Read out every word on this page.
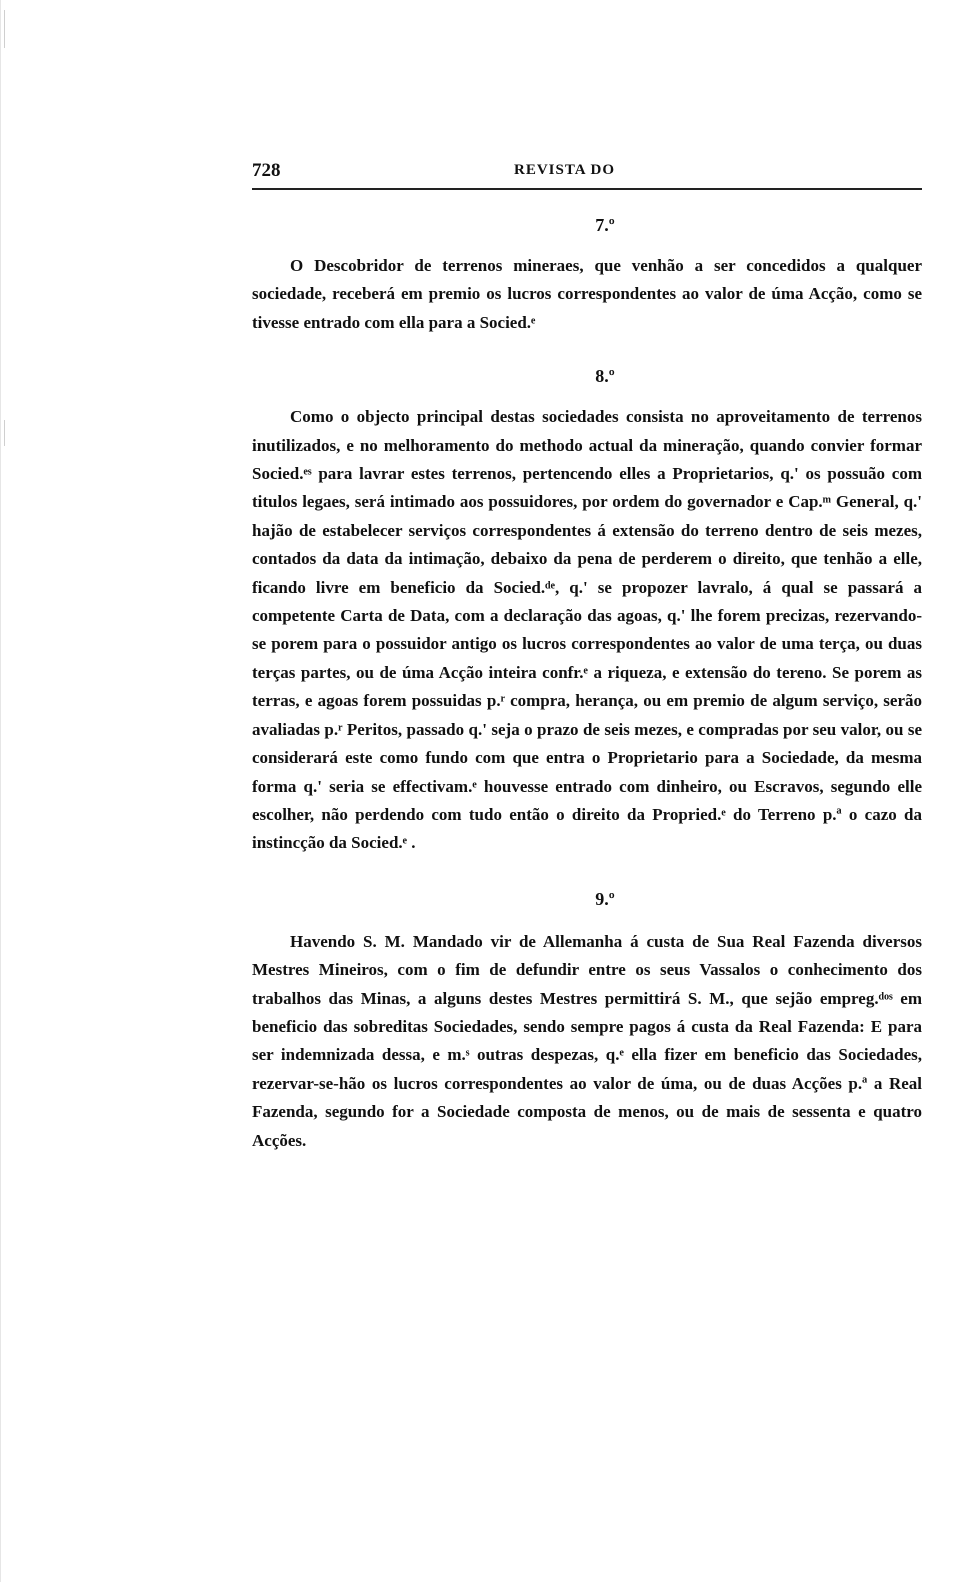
728	REVISTA DO
7.º

O Descobridor de terrenos mineraes, que venhão a ser concedidos a qualquer sociedade, receberá em premio os lucros correspondentes ao valor de úma Acção, como se tivesse entrado com ella para a Socied.ᵉ

8.º

Como o objecto principal destas sociedades consista no aproveitamento de terrenos inutilizados, e no melhoramento do methodo actual da mineração, quando convier formar Socied.ᵉˢ para lavrar estes terrenos, pertencendo elles a Proprietarios, q.' os possuão com titulos legaes, será intimado aos possuidores, por ordem do governador e Cap.ᵐ General, q.' hajão de estabelecer serviços correspondentes á extensão do terreno dentro de seis mezes, contados da data da intimação, debaixo da pena de perderem o direito, que tenhão a elle, ficando livre em beneficio da Socied.ᵈᵉ, q.' se propozer lavralo, á qual se passará a competente Carta de Data, com a declaração das agoas, q.' lhe forem precizas, rezervando-se porem para o possuidor antigo os lucros correspondentes ao valor de uma terça, ou duas terças partes, ou de úma Acção inteira confr.ᵉ a riqueza, e extensão do tereno. Se porem as terras, e agoas forem possuidas p.ʳ compra, herança, ou em premio de algum serviço, serão avaliadas p.ʳ Peritos, passado q.' seja o prazo de seis mezes, e compradas por seu valor, ou se considerará este como fundo com que entra o Proprietario para a Sociedade, da mesma forma q.' seria se effectivam.ᵉ houvesse entrado com dinheiro, ou Escravos, segundo elle escolher, não perdendo com tudo então o direito da Propried.ᵉ do Terreno p.ª o cazo da instincção da Socied.ᵉ .

9.º

Havendo S. M. Mandado vir de Allemanha á custa de Sua Real Fazenda diversos Mestres Mineiros, com o fim de defundir entre os seus Vassalos o conhecimento dos trabalhos das Minas, a alguns destes Mestres permittirá S. M., que sejão empreg.ᵈᵒˢ em beneficio das sobreditas Sociedades, sendo sempre pagos á custa da Real Fazenda: E para ser indemnizada dessa, e m.ˢ outras despezas, q.ᵉ ella fizer em beneficio das Sociedades, rezervar-se-hão os lucros correspondentes ao valor de úma, ou de duas Acções p.ª a Real Fazenda, segundo for a Sociedade composta de menos, ou de mais de sessenta e quatro Acções.
